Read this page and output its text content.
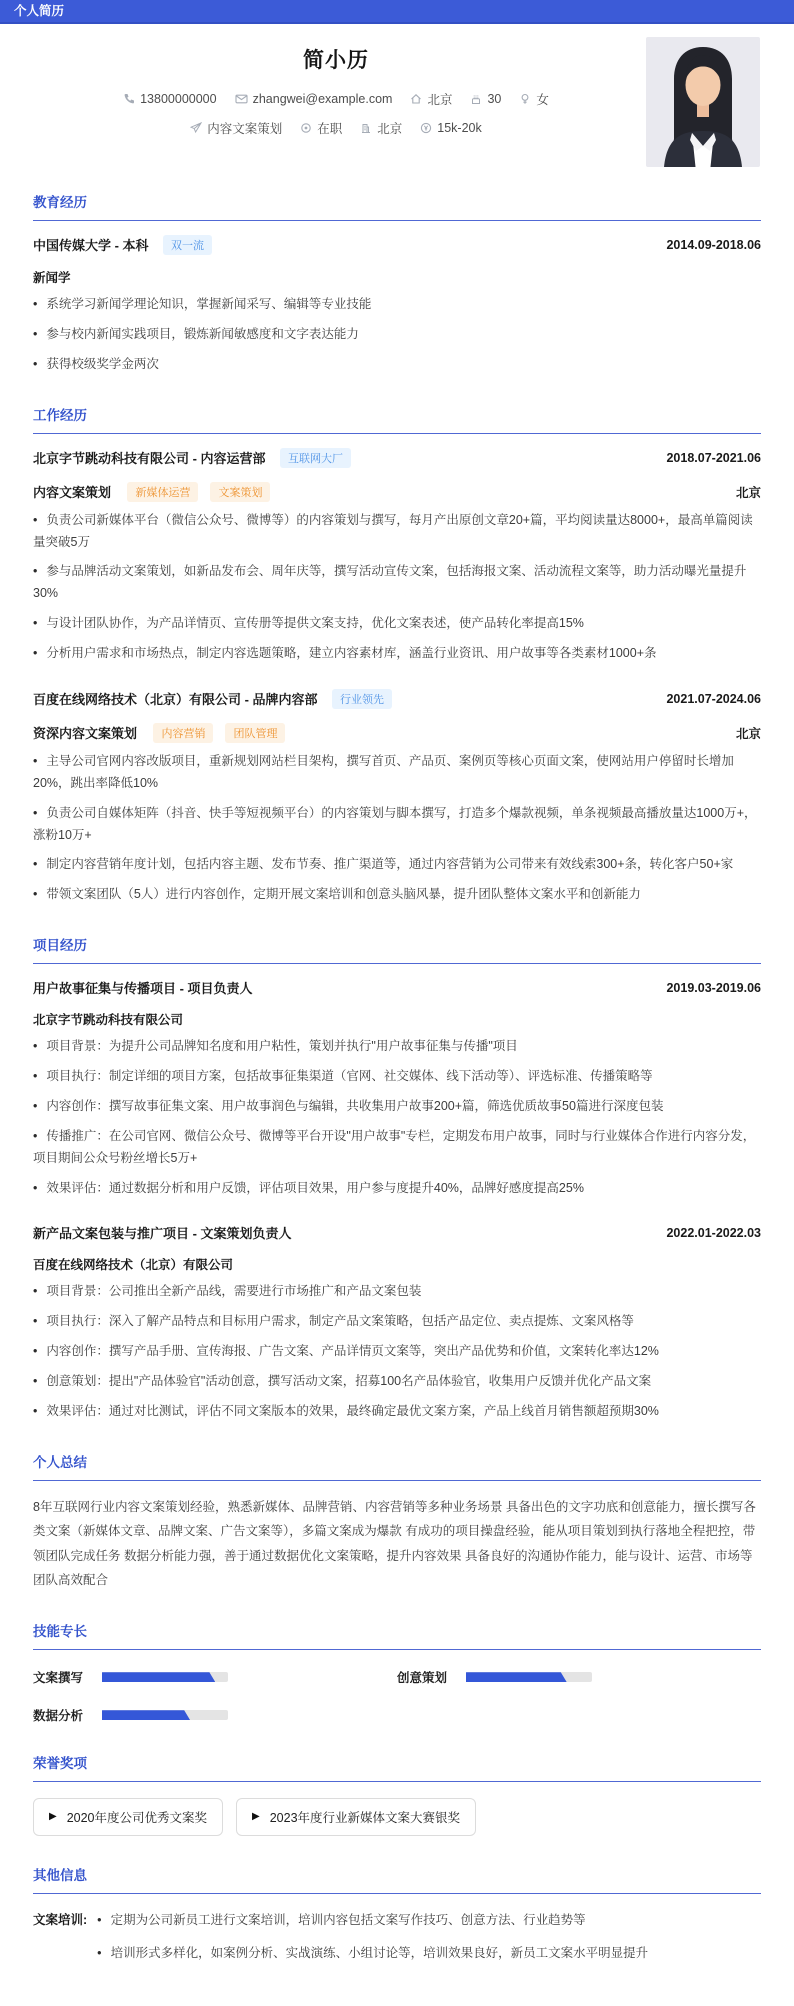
个人简历
简小历
13800000000	zhangwei@example.com	北京	30	女
内容文案策划	在职	北京	15k-20k
教育经历
中国传媒大学 - 本科 双一流	2014.09-2018.06
新闻学
• 系统学习新闻学理论知识，掌握新闻采写、编辑等专业技能
• 参与校内新闻实践项目，锻炼新闻敏感度和文字表达能力
• 获得校级奖学金两次
工作经历
北京字节跳动科技有限公司 - 内容运营部 互联网大厂	2018.07-2021.06
内容文案策划 新媒体运营	文案策划	北京
• 负责公司新媒体平台（微信公众号、微博等）的内容策划与撰写，每月产出原创文章20+篇，平均阅读量达8000+，最高单篇阅读量突破5万
• 参与品牌活动文案策划，如新品发布会、周年庆等，撰写活动宣传文案，包括海报文案、活动流程文案等，助力活动曝光量提升30%
• 与设计团队协作，为产品详情页、宣传册等提供文案支持，优化文案表述，使产品转化率提高15%
• 分析用户需求和市场热点，制定内容选题策略，建立内容素材库，涵盖行业资讯、用户故事等各类素材1000+条
百度在线网络技术（北京）有限公司 - 品牌内容部 行业领先	2021.07-2024.06
资深内容文案策划 内容营销	团队管理	北京
• 主导公司官网内容改版项目，重新规划网站栏目架构，撰写首页、产品页、案例页等核心页面文案，使网站用户停留时长增加20%，跳出率降低10%
• 负责公司自媒体矩阵（抖音、快手等短视频平台）的内容策划与脚本撰写，打造多个爆款视频，单条视频最高播放量达1000万+，涨粉10万+
• 制定内容营销年度计划，包括内容主题、发布节奏、推广渠道等，通过内容营销为公司带来有效线索300+条，转化客户50+家
• 带领文案团队（5人）进行内容创作，定期开展文案培训和创意头脑风暴，提升团队整体文案水平和创新能力
项目经历
用户故事征集与传播项目 - 项目负责人	2019.03-2019.06
北京字节跳动科技有限公司
• 项目背景：为提升公司品牌知名度和用户粘性，策划并执行"用户故事征集与传播"项目
• 项目执行：制定详细的项目方案，包括故事征集渠道（官网、社交媒体、线下活动等）、评选标准、传播策略等
• 内容创作：撰写故事征集文案、用户故事润色与编辑，共收集用户故事200+篇，筛选优质故事50篇进行深度包装
• 传播推广：在公司官网、微信公众号、微博等平台开设"用户故事"专栏，定期发布用户故事，同时与行业媒体合作进行内容分发，项目期间公众号粉丝增长5万+
• 效果评估：通过数据分析和用户反馈，评估项目效果，用户参与度提升40%，品牌好感度提高25%
新产品文案包装与推广项目 - 文案策划负责人	2022.01-2022.03
百度在线网络技术（北京）有限公司
• 项目背景：公司推出全新产品线，需要进行市场推广和产品文案包装
• 项目执行：深入了解产品特点和目标用户需求，制定产品文案策略，包括产品定位、卖点提炼、文案风格等
• 内容创作：撰写产品手册、宣传海报、广告文案、产品详情页文案等，突出产品优势和价值，文案转化率达12%
• 创意策划：提出"产品体验官"活动创意，撰写活动文案，招募100名产品体验官，收集用户反馈并优化产品文案
• 效果评估：通过对比测试，评估不同文案版本的效果，最终确定最优文案方案，产品上线首月销售额超预期30%
个人总结

8年互联网行业内容文案策划经验，熟悉新媒体、品牌营销、内容营销等多种业务场景 具备出色的文字功底和创意能力，擅长撰写各类文案（新媒体文章、品牌文案、广告文案等），多篇文案成为爆款 有成功的项目操盘经验，能从项目策划到执行落地全程把控，带领团队完成任务 数据分析能力强，善于通过数据优化文案策略，提升内容效果 具备良好的沟通协作能力，能与设计、运营、市场等团队高效配合

技能专长
文案撰写	创意策划
数据分析
荣誉奖项
▶ 2020年度公司优秀文案奖	▶ 2023年度行业新媒体文案大赛银奖
其他信息
文案培训: • 定期为公司新员工进行文案培训，培训内容包括文案写作技巧、创意方法、行业趋势等
• 培训形式多样化，如案例分析、实战演练、小组讨论等，培训效果良好，新员工文案水平明显提升
